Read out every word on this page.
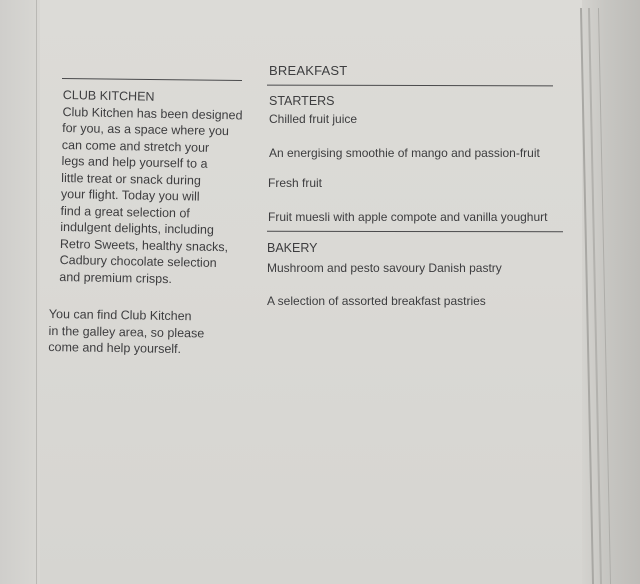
CLUB KITCHEN
Club Kitchen has been designed
for you, as a space where you
can come and stretch your
legs and help yourself to a
little treat or snack during
your flight. Today you will
find a great selection of
indulgent delights, including
Retro Sweets, healthy snacks,
Cadbury chocolate selection
and premium crisps.
You can find Club Kitchen
in the galley area, so please
come and help yourself.
BREAKFAST
STARTERS
Chilled fruit juice
An energising smoothie of mango and passion-fruit
Fresh fruit
Fruit muesli with apple compote and vanilla youghurt
BAKERY
Mushroom and pesto savoury Danish pastry
A selection of assorted breakfast pastries
